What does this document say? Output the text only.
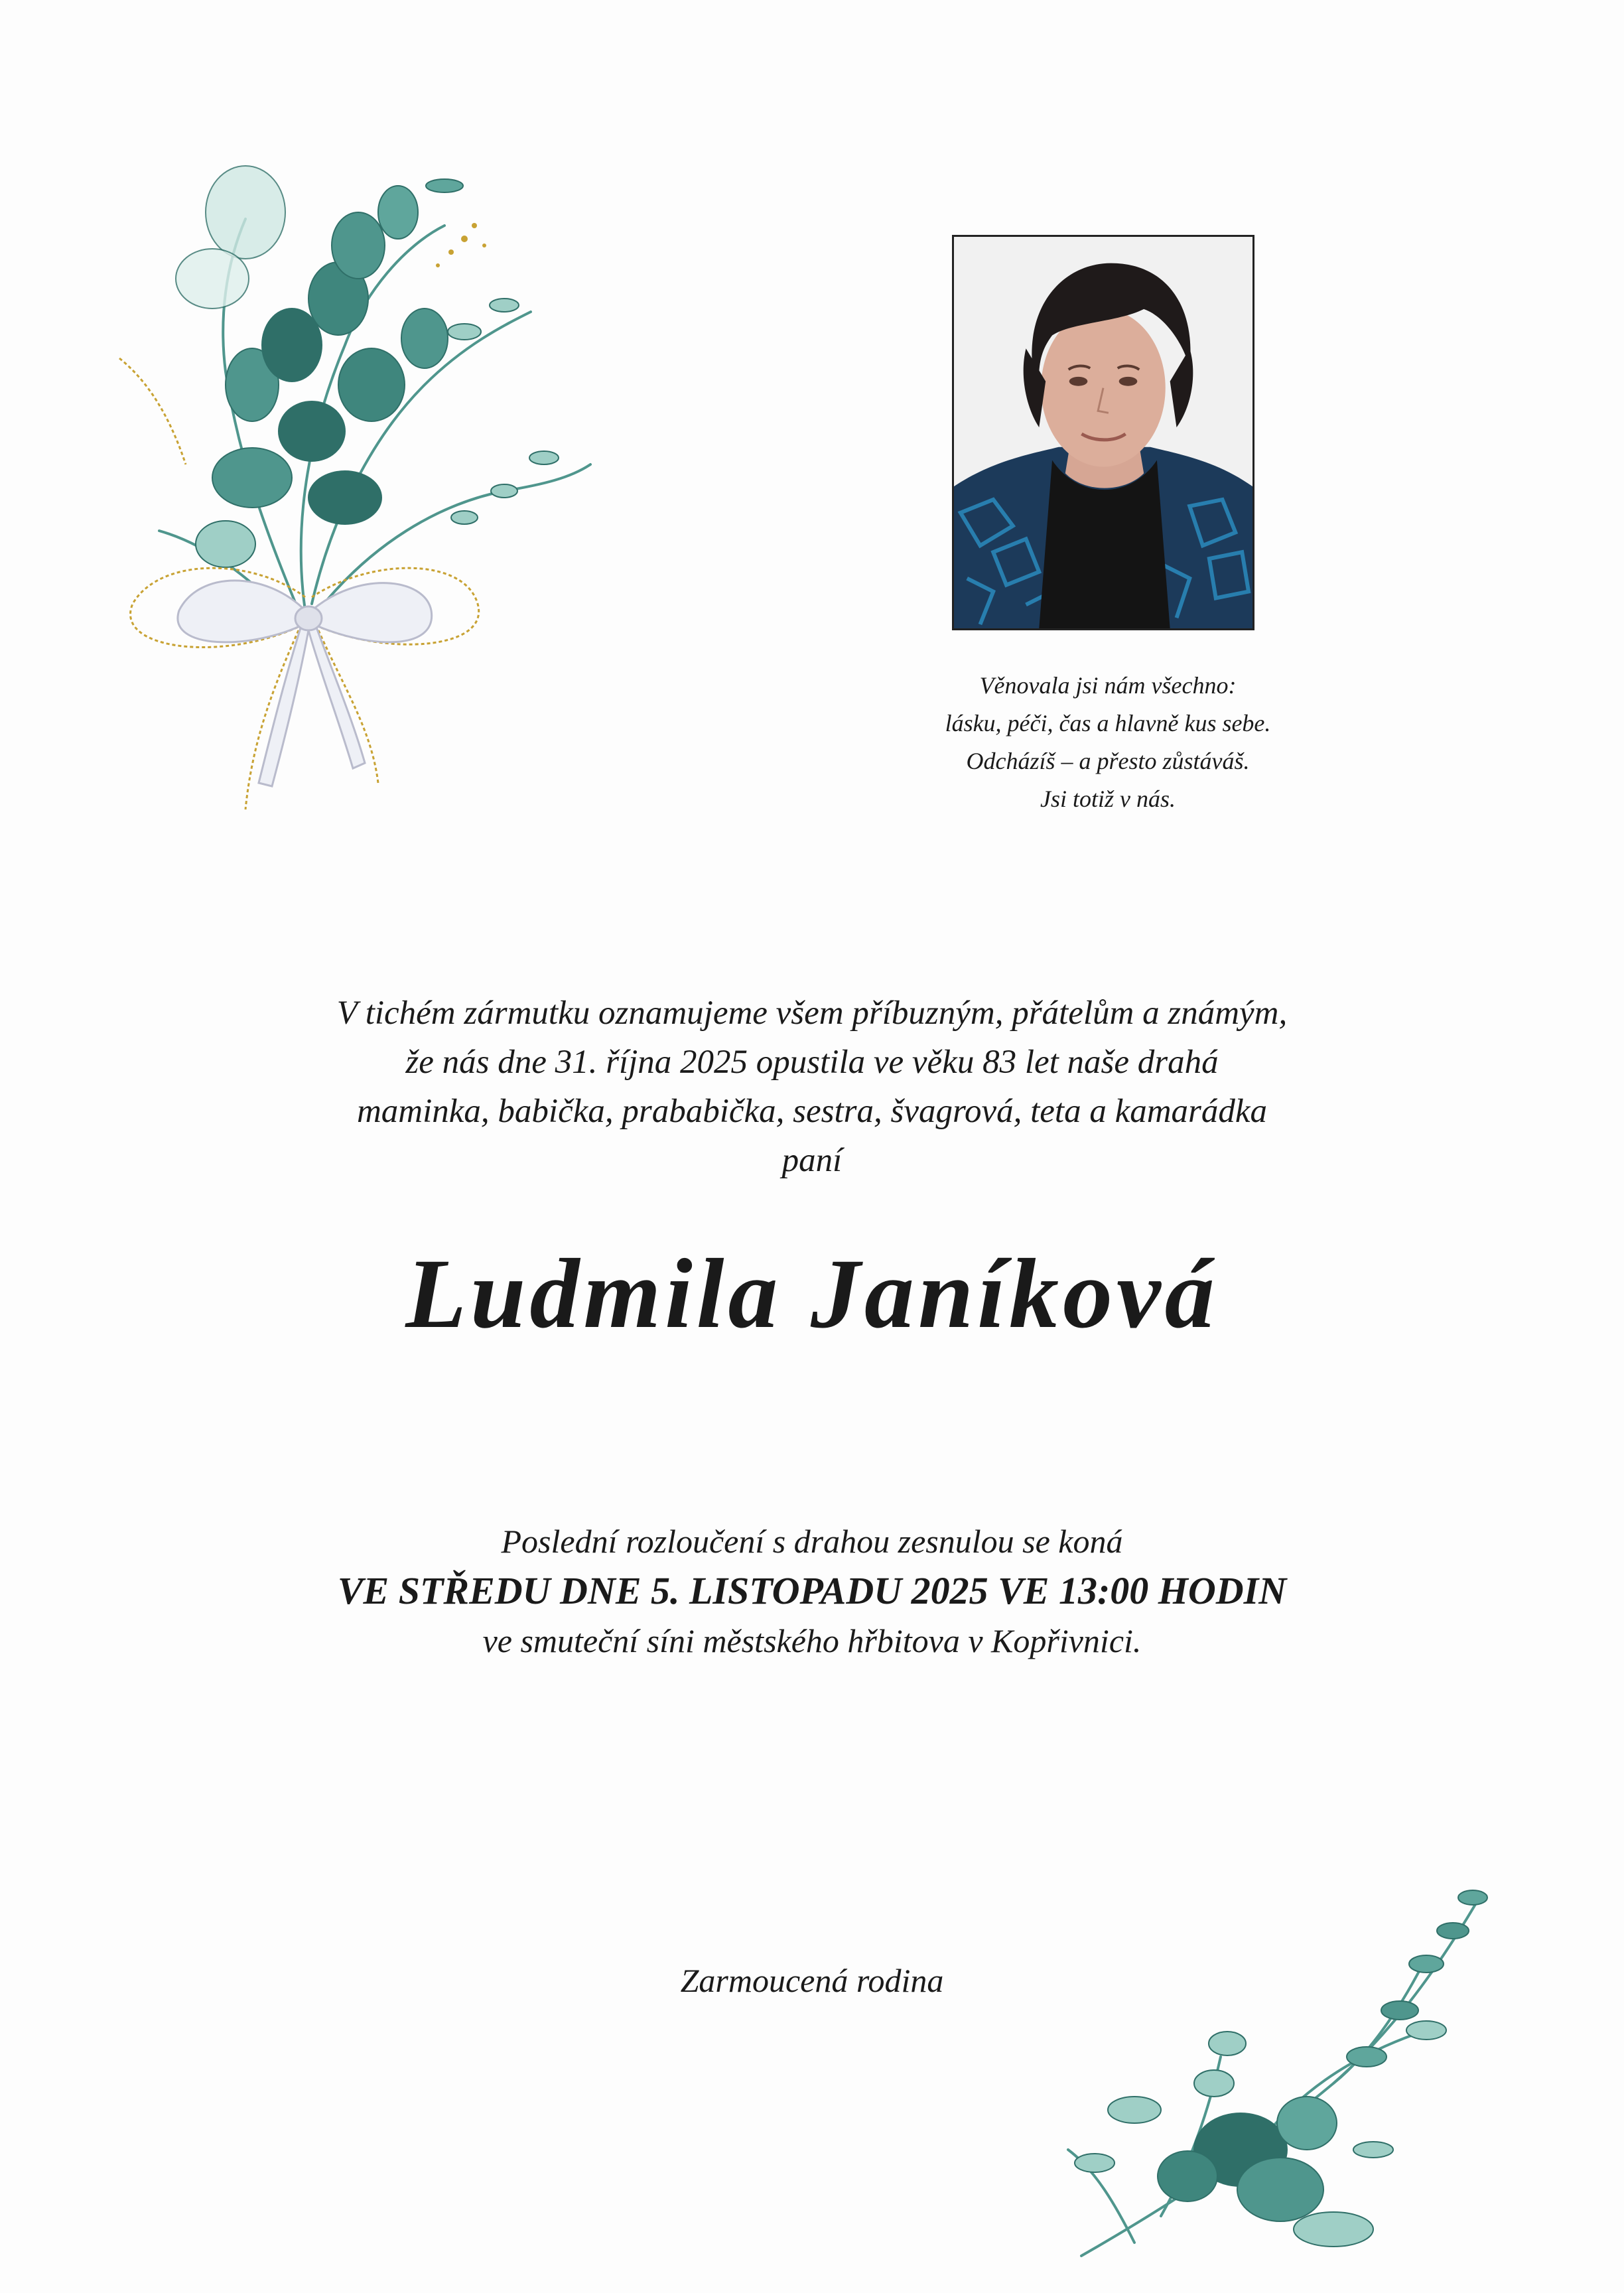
Věnovala jsi nám všechno:
lásku, péči, čas a hlavně kus sebe.
Odcházíš – a přesto zůstáváš.
Jsi totiž v nás.
V tichém zármutku oznamujeme všem příbuzným, přátelům a známým,
že nás dne 31. října 2025 opustila ve věku 83 let naše drahá
maminka, babička, prababička, sestra, švagrová, teta a kamarádka
paní
Ludmila Janíková
Poslední rozloučení s drahou zesnulou se koná
VE STŘEDU DNE 5. LISTOPADU 2025 VE 13:00 HODIN
ve smuteční síni městského hřbitova v Kopřivnici.
Zarmoucená rodina
